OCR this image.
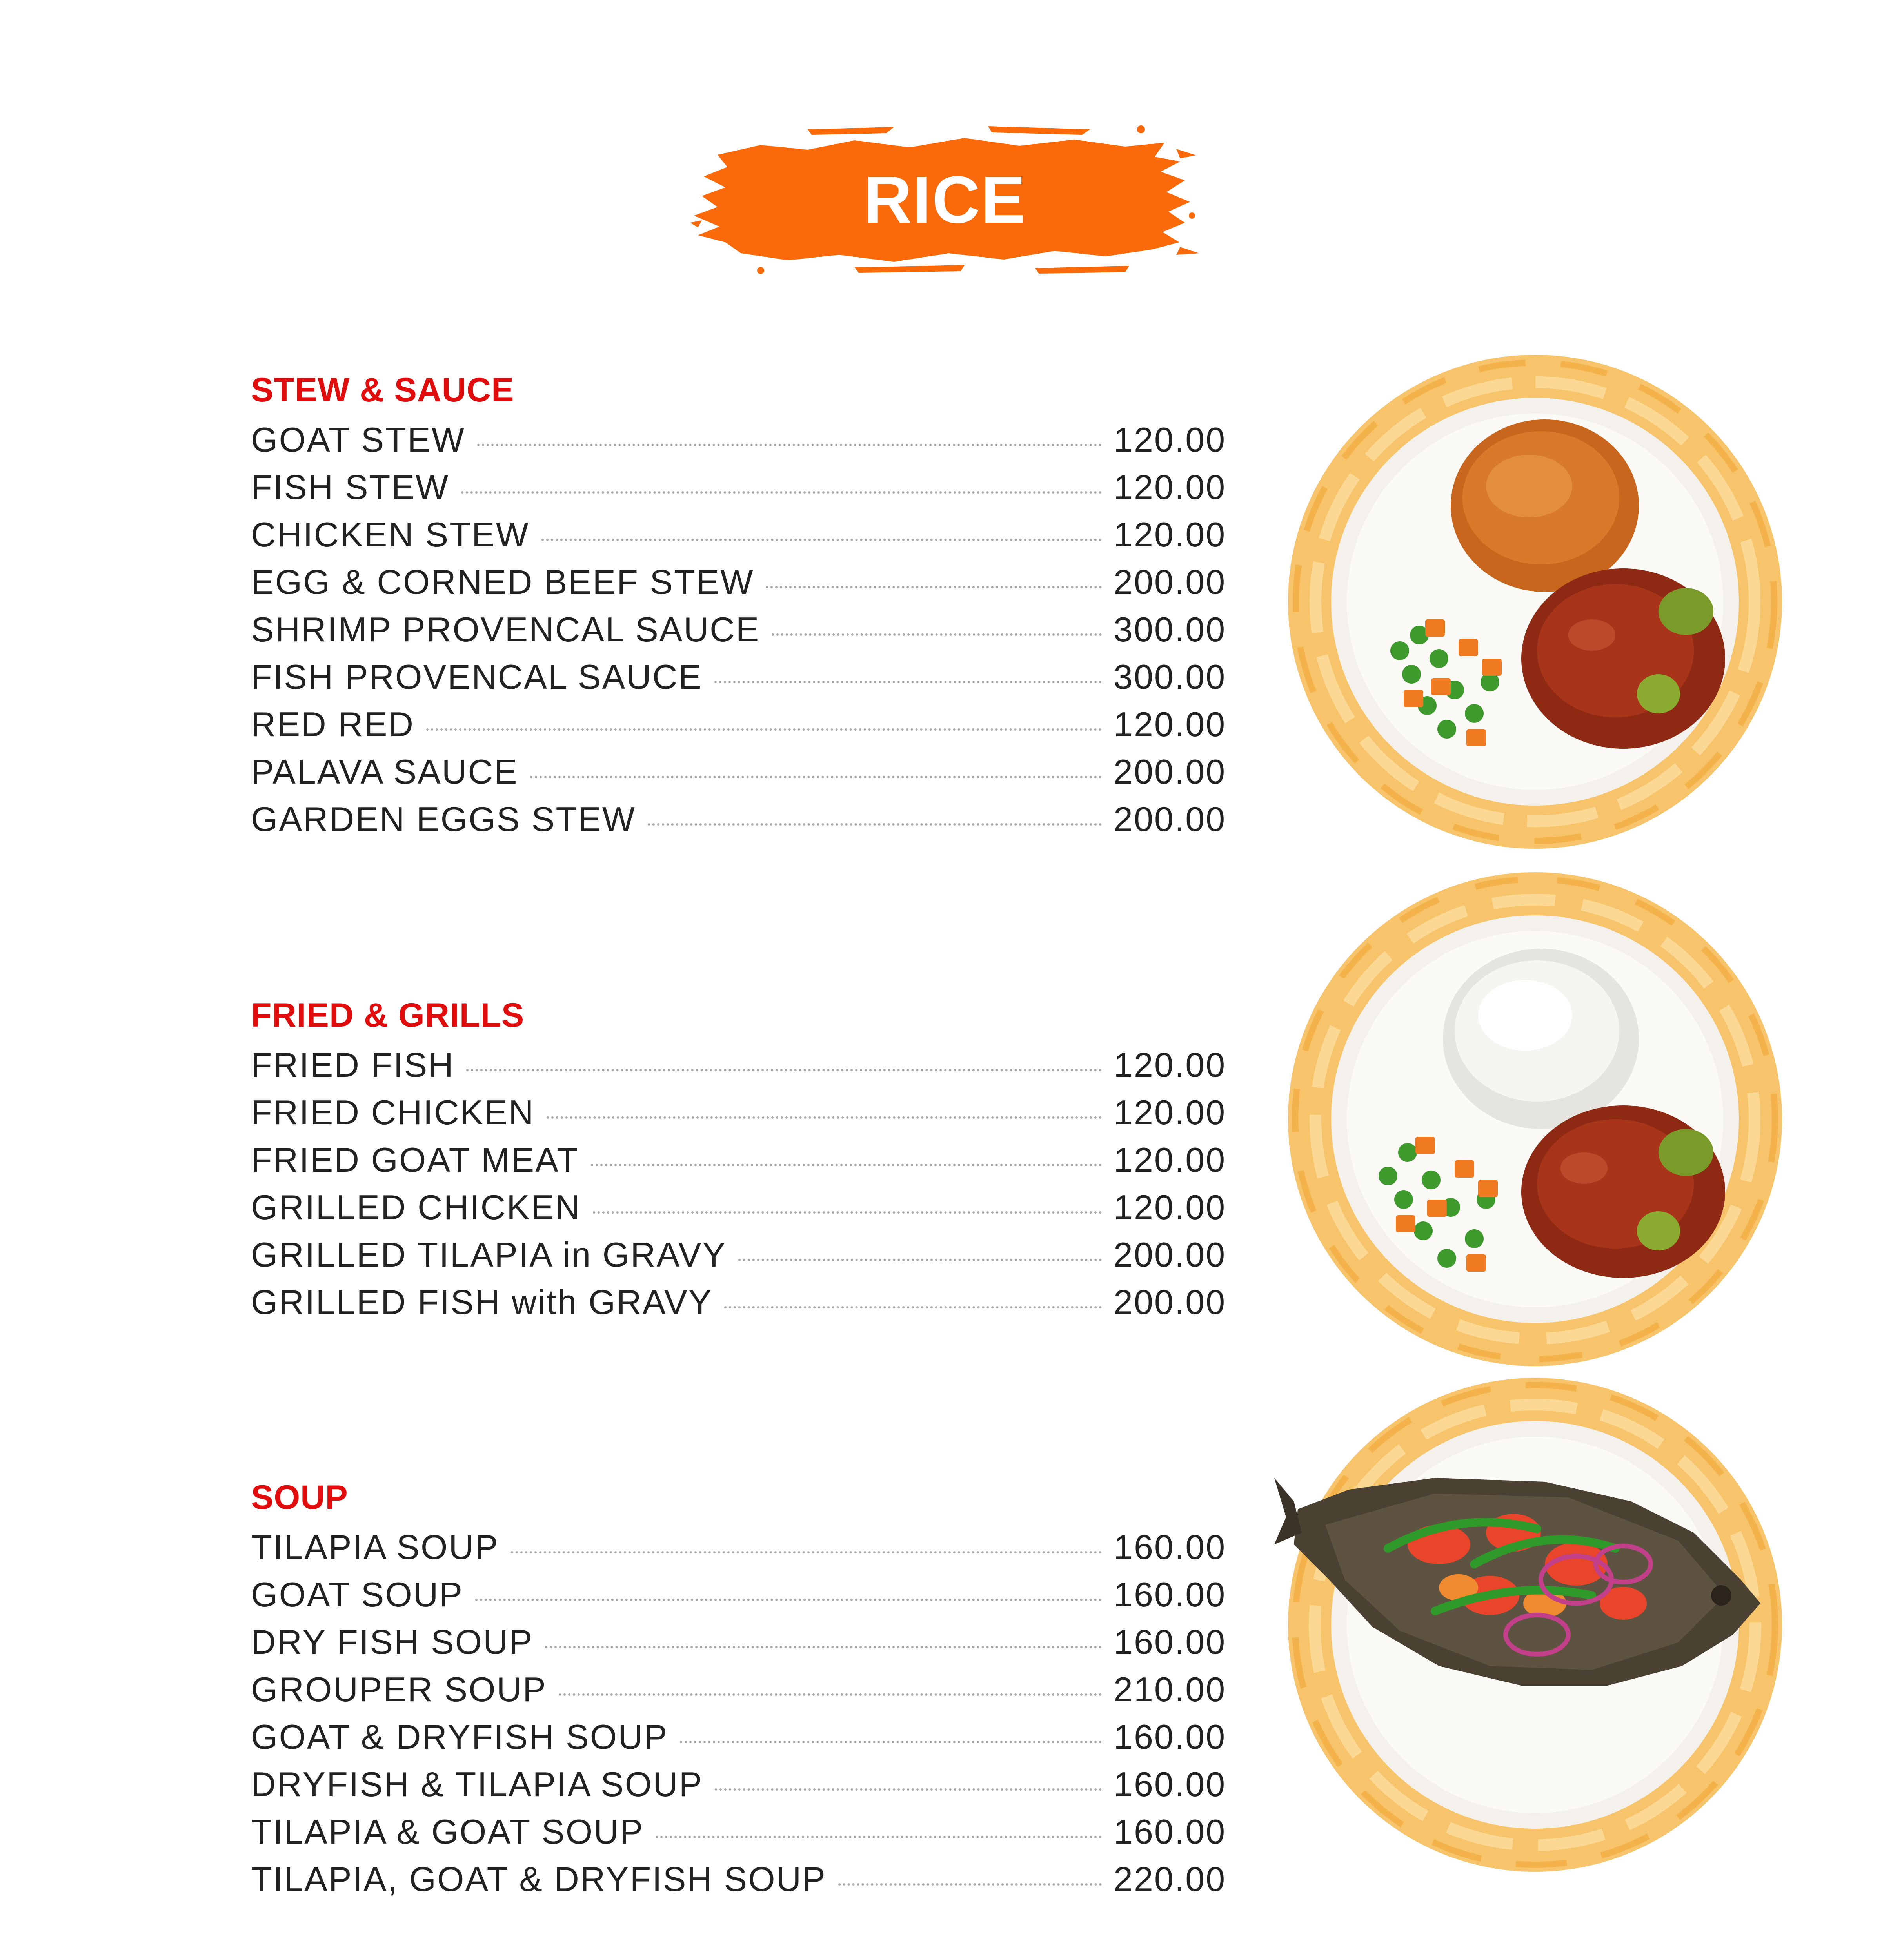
RICE
STEW & SAUCE
GOAT STEW	120.00
FISH STEW	120.00
CHICKEN STEW	120.00
EGG & CORNED BEEF STEW	200.00
SHRIMP PROVENCAL SAUCE	300.00
FISH PROVENCAL SAUCE	300.00
RED RED	120.00
PALAVA SAUCE	200.00
GARDEN EGGS STEW	200.00
FRIED & GRILLS
FRIED FISH	120.00
FRIED CHICKEN	120.00
FRIED GOAT MEAT	120.00
GRILLED CHICKEN	120.00
GRILLED TILAPIA in GRAVY	200.00
GRILLED FISH with GRAVY	200.00
SOUP
TILAPIA SOUP	160.00
GOAT SOUP	160.00
DRY FISH SOUP	160.00
GROUPER SOUP	210.00
GOAT & DRYFISH SOUP	160.00
DRYFISH & TILAPIA SOUP	160.00
TILAPIA & GOAT SOUP	160.00
TILAPIA, GOAT & DRYFISH SOUP	220.00
